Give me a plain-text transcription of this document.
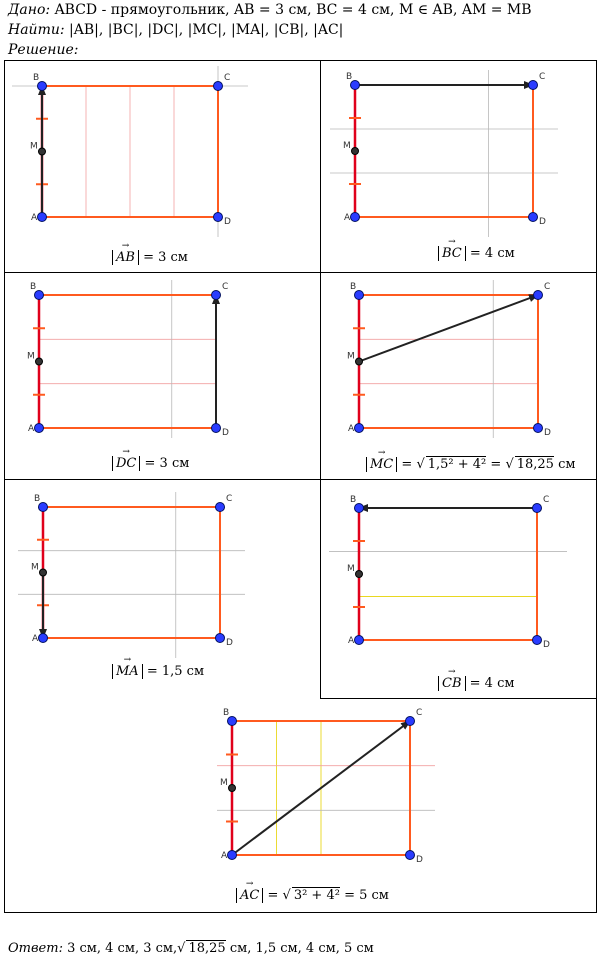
Дано: ABCD - прямоугольник, AB = 3 см, BC = 4 см, M ∈ AB, AM = MB
Найти: |AB|, |BC|, |DC|, |MC|, |MA|, |CB|, |AC|
Решение:
A
B	C
D
M
A
B	C
D
M
A
B	C
D
M
A
B	C
D
M
A
B	C
D
M
A
B	C
D
M
A
B	C
D
M
→ AB = 3 см	→ BC = 4 см
→ DC = 3 см	→ MC = √ 1,5² + 4² = √ 18,25 см
→ MA = 1,5 см
→ CB = 4 см
→ AC = √ 3² + 4² = 5 см
Ответ: 3 см, 4 см, 3 см,√ 18,25 см, 1,5 см, 4 см, 5 см
